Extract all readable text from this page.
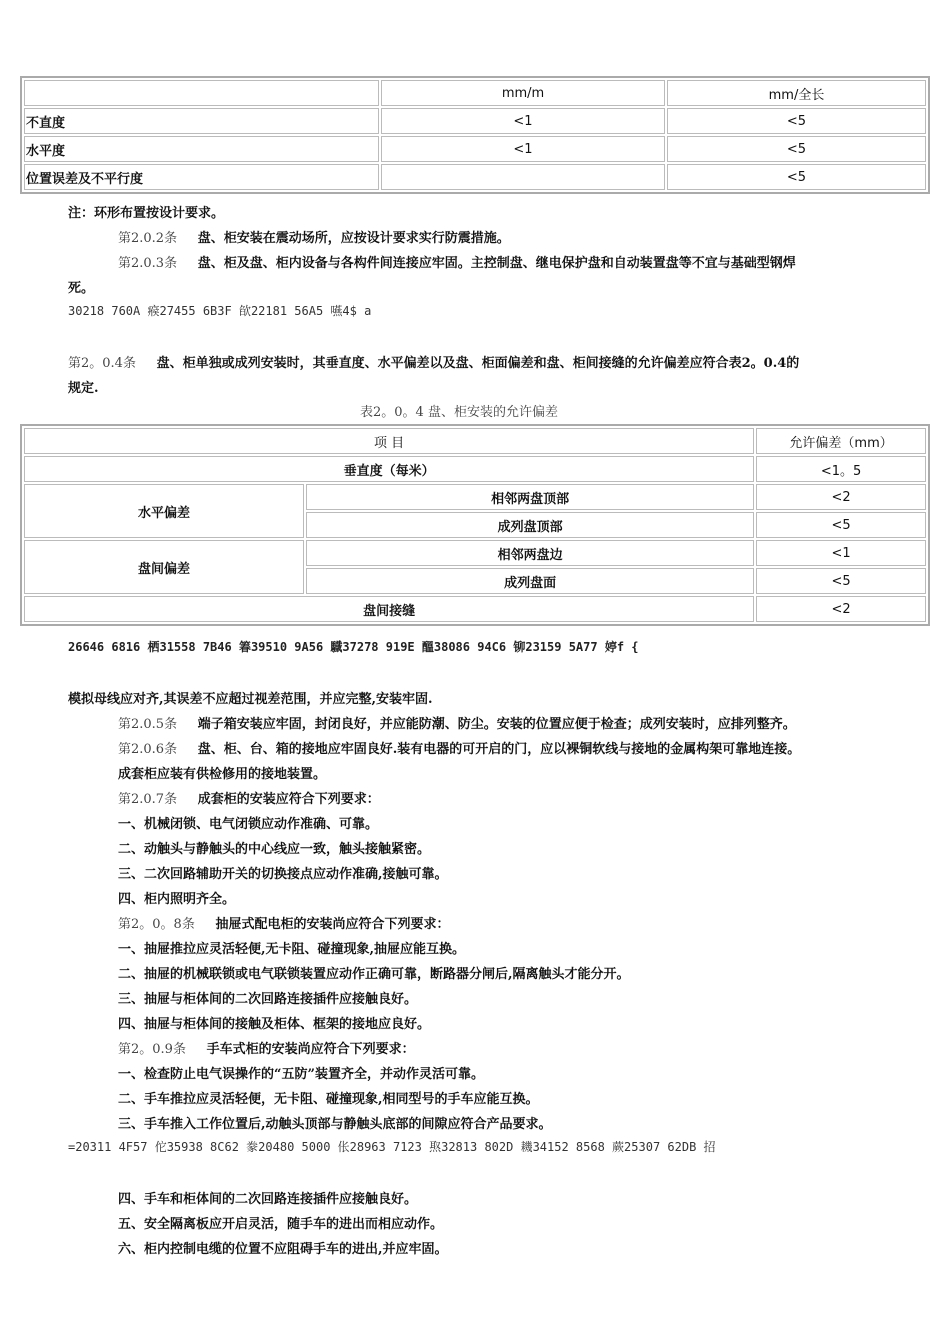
	mm/m	mm/全长
不直度	<1	<5
水平度	<1	<5
位置误差及不平行度		<5
注：环形布置按设计要求。
第2.0.2条 盘、柜安装在震动场所，应按设计要求实行防震措施。
第2.0.3条 盘、柜及盘、柜内设备与各构件间连接应牢固。主控制盘、继电保护盘和自动装置盘等不宜与基础型钢焊
死。
30218 760A 瘊27455 6B3F 欿22181 56A5 嚥4$ a
第2。0.4条 盘、柜单独或成列安装时，其垂直度、水平偏差以及盘、柜面偏差和盘、柜间接缝的允许偏差应符合表2。0.4的
规定.
表2。0。4 盘、柜安装的允许偏差
项 目		允许偏差（mm）
垂直度（每米）		<1。5
水平偏差	相邻两盘顶部	<2
	成列盘顶部	<5
盘间偏差	相邻两盘边	<1
	成列盘面	<5
盘间接缝		<2
26646 6816 栖31558 7B46 箺39510 9A56 驖37278 919E 醞38086 94C6 铆23159 5A77 婷f {
模拟母线应对齐,其误差不应超过视差范围，并应完整,安装牢固.
第2.0.5条 端子箱安装应牢固，封闭良好，并应能防潮、防尘。安装的位置应便于检查；成列安装时，应排列整齐。
第2.0.6条 盘、柜、台、箱的接地应牢固良好.装有电器的可开启的门，应以裸铜软线与接地的金属构架可靠地连接。
成套柜应装有供检修用的接地装置。
第2.0.7条 成套柜的安装应符合下列要求：
一、机械闭锁、电气闭锁应动作准确、可靠。
二、动触头与静触头的中心线应一致，触头接触紧密。
三、二次回路辅助开关的切换接点应动作准确,接触可靠。
四、柜内照明齐全。
第2。0。8条 抽屉式配电柜的安装尚应符合下列要求：
一、抽屉推拉应灵活轻便,无卡阻、碰撞现象,抽屉应能互换。
二、抽屉的机械联锁或电气联锁装置应动作正确可靠，断路器分闸后,隔离触头才能分开。
三、抽屉与柜体间的二次回路连接插件应接触良好。
四、抽屉与柜体间的接触及柜体、框架的接地应良好。
第2。0.9条 手车式柜的安装尚应符合下列要求：
一、检查防止电气误操作的“五防”装置齐全，并动作灵活可靠。
二、手车推拉应灵活轻便，无卡阻、碰撞现象,相同型号的手车应能互换。
三、手车推入工作位置后,动触头顶部与静触头底部的间隙应符合产品要求。
=20311 4F57 佗35938 8C62 豢20480 5000 伥28963 7123 焣32813 802D 耭34152 8568 蕨25307 62DB 招
四、手车和柜体间的二次回路连接插件应接触良好。
五、安全隔离板应开启灵活，随手车的进出而相应动作。
六、柜内控制电缆的位置不应阻碍手车的进出,并应牢固。
